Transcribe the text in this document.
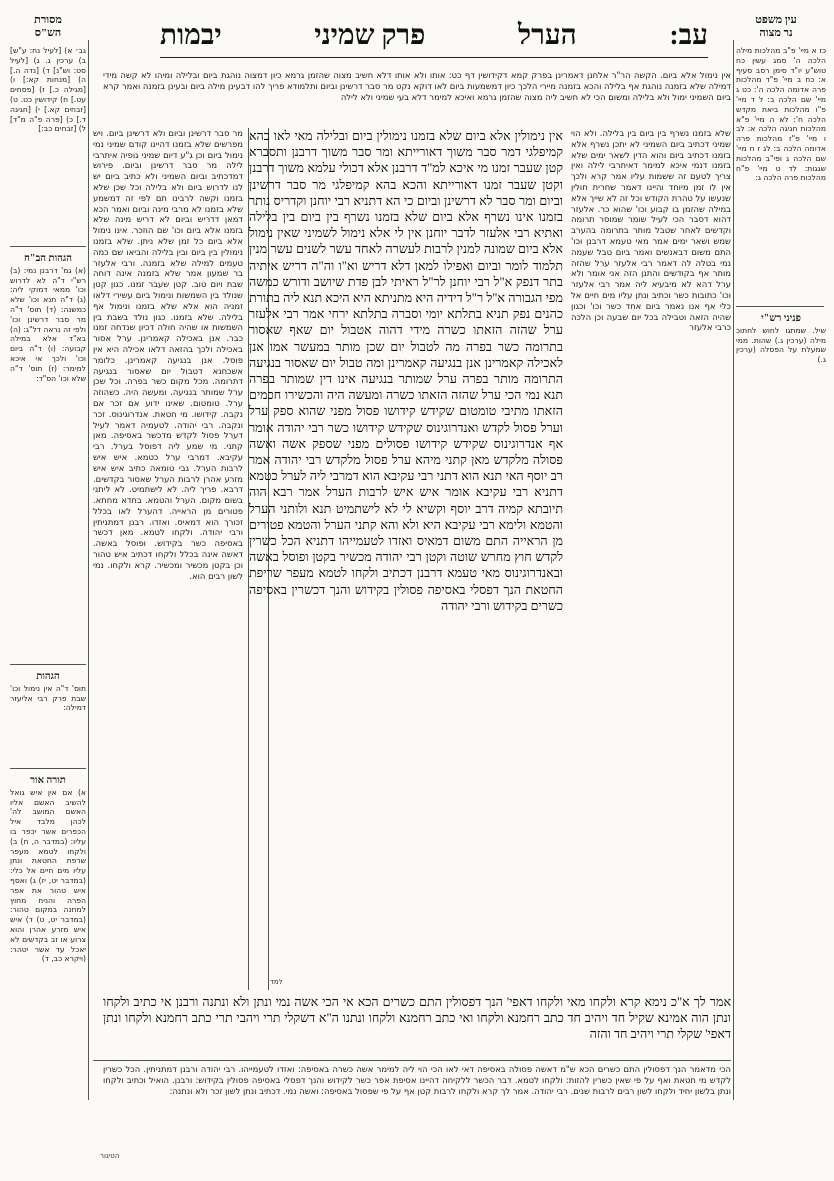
עב:
הערל
פרק שמיני
יבמות	עין משפט
נר מצוה
מסורת
הש"ס
כז א מיי' פ"ב מהלכות מילה הלכה ה' סמג עשין כח טוש"ע יו"ד סימן רסב סעיף א: כח ב מיי' פ"ד מהלכות פרה אדומה הלכה ה': כט ג מיי' שם הלכה ב: ל ד מיי' פ"ו מהלכות ביאת מקדש הלכה ח': לא ה מיי' פ"א מהלכות חגיגה הלכה א: לב ו מיי' פ"ז מהלכות פרה אדומה הלכה ב: לג ז ח מיי' שם הלכה ג ופי"ב מהלכות שגגות: לד ט מיי' פ"ח מהלכות פרה הלכה ג:
פניני רש"י
שיל. שמתגו לחוש לחתוכ מילה (ערכין ג.) שהות. ממי שמעלת על הפסלה (ערכין ג.)
גב׳ א) [לעיל נח: ע"ש] ב) ערכין ג. ג) [לעיל סט: וש"נ] ד) [נדה ה.] ה) [מנחות קא:] ו) [מגילה כ.] ז) [פסחים עט.] ח) קידושין כט. ט) [זבחים קא.] י) [חגיגה ד.] כ) [פרה פ"ה מ"ד] ל) [זבחים כב:]
הגהות הב"ח
(א) גמ' דרבנן נמי: (ב) רש"י ד"ה לא לדרוש וכו' ממאי דמוקי ליה: (ג) ד"ה תנא וכו' שלא כמשנה: (ד) תוס' ד"ה מר סבר דרשינן וכו' ולפי זה נראה דל"ג: (ה) בא"ד אלא במילה קבועה: (ו) ד"ה ביום וכו' ולכך אי איכא למימר: (ז) תוס' ד"ה שלא וכו' הס"ד:
הגהות
תוס' ד"ה אין נימול וכו' שבת פרק רבי אליעזר דמילה:
תורה אור
א) אם אין איש גואל להשיב האשם אליו האשם המושב לה' לכהן מלבד איל הכפרים אשר יכפר בו עליו: (במדבר ה, ח) ב) ולקחו לטמא מעפר שרפת החטאת ונתן עליו מים חיים אל כלי: (במדבר יט, יז) ג) ואסף איש טהור את אפר הפרה והניח מחוץ למחנה במקום טהור: (במדבר יט, ט) ד) איש איש מזרע אהרן והוא צרוע או זב בקדשים לא יאכל עד אשר יטהר: (ויקרא כב, ד)
אין נימול אלא ביום. הקשה הר"ר אלחנן דאמרינן בפרק קמא דקידושין דף כט: אותו ולא אותו דלא חשיב מצוה שהזמן גרמא כיון דמצוה נוהגת ביום ובלילה ומיהו לא קשה מידי דמילה שלא בזמנה נוהגת אף בלילה והכא בזמנה מיירי הלכך כיון דמשמעות ביום לאו דוקא נקט מר סבר דרשינן וביום ותלמודא פריך להו דבעינן מילה ביום ובעינן בזמנה ואמר קרא ביום השמיני ימול ולא בלילה ומשום הכי לא חשיב ליה מצוה שהזמן גרמא ואיכא למימר דלא בעי שמיני ולא לילה
שלא בזמנו נשרף בין ביום בין בלילה. ולא הוי שמיני דכתיב ביום השמיני לא יתכן נשרף אלא בזמנו דכתיב ביום והוא הדין לשאר ימים שלא בזמנו דנמי איכא למימר דאיתרבי לילה ואין צריך לטעם זה ששמות עליו אמר קרא ולכך אין לו זמן מיוחד והיינו דאמר שחרית חולין שנעשו על טהרת הקודש וכל זה לא שייך אלא במילה שהזמן בו קבוע וכו' שהוא כר. אלעזר דהוא דסבר הכי לעיל שומר שמוסר תרומה וקדשים לאחר שטבל מותר בתרומה בהערב שמש ושאר ימים אמר מאי טעמא דרבנן וכו' התם משום דבאנשים ואמר ביום טבל שעמה נמי בטלה לה דאמר רבי אלעזר ערל שהזה מותר אף בקודשים והתנן הזה אני אומר ולא ערל דהא לא מיבעיא ליה אמר רבי אלעזר וכו' כתובות כשר וכתיב ונתן עליו מים חיים אל כלי אף אנו נאמר ביום אחד כשר וכו' וכגון שהיה הזאה וטבילה בכל יום שבעה וכן הלכה כרבי אלעזר
מר סבר דרשינן וביום ולא דרשינן ביום. ויש מפרשים שלא בזמנו דהיינו קודם שמיני נמי נימול ביום וכן ג"ע דיום שמיני גופיה איתרבי לילה מר סבר דרשינן וביום. פירוש דמדכתיב וביום השמיני ולא כתיב ביום יש לנו לדרוש ביום ולא בלילה וכל שכן שלא בזמנו וקשה לרבינו תם לפי זה דמשמע שלא בזמנו לא מרבי מינה וביום ואמר הכא דמאן דדריש וביום לא דריש מינה שלא בזמנו אלא ביום וכו' שם הוזכר. אינו נימול אלא ביום כל זמן שלא ניתן. שלא בזמנו נימולין בין ביום ובין בלילה והביאו שם כמה טעמים למילה שלא בזמנה. ורבי אלעזר בר שמעון אמר שלא בזמנה אינה דוחה שבת ויום טוב. קטן שעבר זמנו. כגון קטן שנולד בין השמשות ונימול ביום עשירי דלאו זמניה הוא אלא שלא בזמנו ונימול אף בלילה. שלא בזמנו. כגון נולד בשבת בין השמשות או שהיה חולה דכיון שנדחה זמנו כבר. אנן באכילה קאמרינן. ערל אסור באכילה ולכך בהזאה דלאו אכילה היא אין פוסל. אנן בנגיעה קאמרינן. כלומר אשכחנא דטבול יום שאסור בנגיעה דתרומה. מכל מקום כשר בפרה. וכל שכן ערל שמותר בנגיעה. ומעשה היה. כשהוזה ערל. טומטום. שאינו ידוע אם זכר אם נקבה. קידושו. מי חטאת. אנדרוגינוס. זכר ונקבה. רבי יהודה. לטעמיה דאמר לעיל דערל פסול לקדש מדכשר באסיפה. מאן קתני. מי שמע ליה דפוסל בערל. רבי עקיבא. דמרבי ערל כטמא. איש איש לרבות הערל. גבי טומאה כתיב איש איש מזרע אהרן לרבות הערל שאסור בקדשים. דרבא. פריך ליה. לא לישתמיט. לא ליתני בשום מקום. הערל והטמא. בחדא מחתא. פטורים מן הראייה. דהערל לאו בכלל זכורך הוא דמאיס. ואזדו. רבנן דמתניתין ורבי יהודה. ולקחו לטמא. מאן דכשר באסיפה כשר בקידוש. ופוסל באשה. דאשה אינה בכלל ולקחו דכתיב איש טהור וכן בקטן מכשיר ומכשיר. קרא ולקחו. נמי לשון רבים הוא.
אין נימולין אלא ביום שלא בזמנו נימולין ביום ובלילה מאי לאו בהא קמיפלגי דמר סבר משוך דאורייתא ומר סבר משוך דרבנן ותסברא קטן שעבר זמנו מי איכא למ"ד דרבנן אלא דכולי עלמא משוך דרבנן וקטן שעבר זמנו דאורייתא והכא בהא קמיפלגי מר סבר דרשינן וביום ומר סבר לא דרשינן וביום כי הא דתניא רבי יוחנן וקדריס נותר בזמנו אינו נשרף אלא ביום שלא בזמנו נשרף בין ביום בין בלילה ואתיא רבי אלעזר לדבר יוחנן אין לי אלא נימול לשמיני שאין נימול אלא ביום שמונה למנין לרבות לעשרה לאחד עשר לשנים עשר מנין תלמוד לומר וביום ואפילו למאן דלא דריש וא"ו וה"ה דריש איתיה בתר דנפק א"ל רבי יוחנן לר"ל ראיתי לבן פדת שיושב ודורש כמשה מפי הגבורה א"ל ר"ל דידיה היא מתניתא היא היכא תנא ליה בתורת כהנים נפק תניא בתלתא יומי וסברה בתלתא ירחי אמר רבי אלעזר ערל שהזה הזאתו כשרה מידי דהוה אטבול יום שאף שאסור בתרומה כשר בפרה מה לטבול יום שכן מותר במעשר אמו אנן לאכילה קאמרינן אנן בנגיעה קאמרינן ומה טבול יום שאסור בנגיעה התרומה מותר בפרה ערל שמותר בנגיעה אינו דין שמותר בפרה תנא נמי הכי ערל שהזה הזאתו כשרה ומעשה היה והכשירו חכמים הזאתו מתיבי טומטום שקידש קידושו פסול מפני שהוא ספק ערל וערל פסול לקדש ואנדרוגינוס שקידש קידושו כשר רבי יהודה אומר אף אנדרוגינוס שקידש קידושו פסולים מפני שספק אשה ואשה פסולה מלקדש מאן קתני מיהא ערל פסול מלקדש רבי יהודה אמר רב יוסף האי תנא הוא דתני רבי עקיבא הוא דמרבי ליה לערל כטמא דתניא רבי עקיבא אומר איש איש לרבות הערל אמר רבא הוה תיובתא קמיה דרב יוסף וקשיא לי לא לישתמיט תנא ולותני הערל והטמא ולימא רבי עקיבא היא ולא והא קתני הערל והטמא פטורים מן הראייה התם משום דמאיס ואזדו לטעמייהו דתניא הכל כשרין לקדש חוץ מחרש שוטה וקטן רבי יהודה מכשיר בקטן ופוסל באשה ובאנדרוגינוס מאי טעמא דרבנן דכתיב ולקחו לטמא מעפר שריפת החטאת הנך דפסלי באסיפה פסולין בקידוש והנך דכשרין באסיפה כשרים בקידוש ורבי יהודה
אמר לך א"כ נימא קרא ולקחו מאי ולקחו דאפי' הנך דפסולין התם כשרים הכא אי הכי אשה נמי ונתן ולא ונתנה ורבנן אי כתיב ולקחו ונתן הוה אמינא שקיל חד ויהיב חד כתב רחמנא ולקחו ואי כתב רחמנא ולקחו ונתנו ה"א דשקלי תרי ויהבי תרי כתב רחמנא ולקחו ונתן דאפי' שקלי תרי ויהיב חד והזה
למד
הכי מדאמר הנך דפסולין התם כשרים הכא ש"מ דאשה פסולה באסיפה דאי לאו הכי הוי ליה למימר אשה כשרה באסיפה: ואזדו לטעמייהו. רבי יהודה ורבנן דמתניתין. הכל כשרין לקדש מי חטאת ואף על פי שאין כשרין להזות: ולקחו לטמא. דבר הכשר ללקיחה דהיינו אסיפת אפר כשר לקידוש והנך דפסלי באסיפה פסולין בקידוש: ורבנן. הואיל וכתיב ולקחו ונתן בלשון יחיד ולקחו לשון רבים לרבות שנים. רבי יהודה. אמר לך קרא ולקחו לרבות קטן אף על פי שפסול באסיפה: ואשה נמי. דכתיב ונתן לשון זכר ולא ונתנה:
הטיגור
